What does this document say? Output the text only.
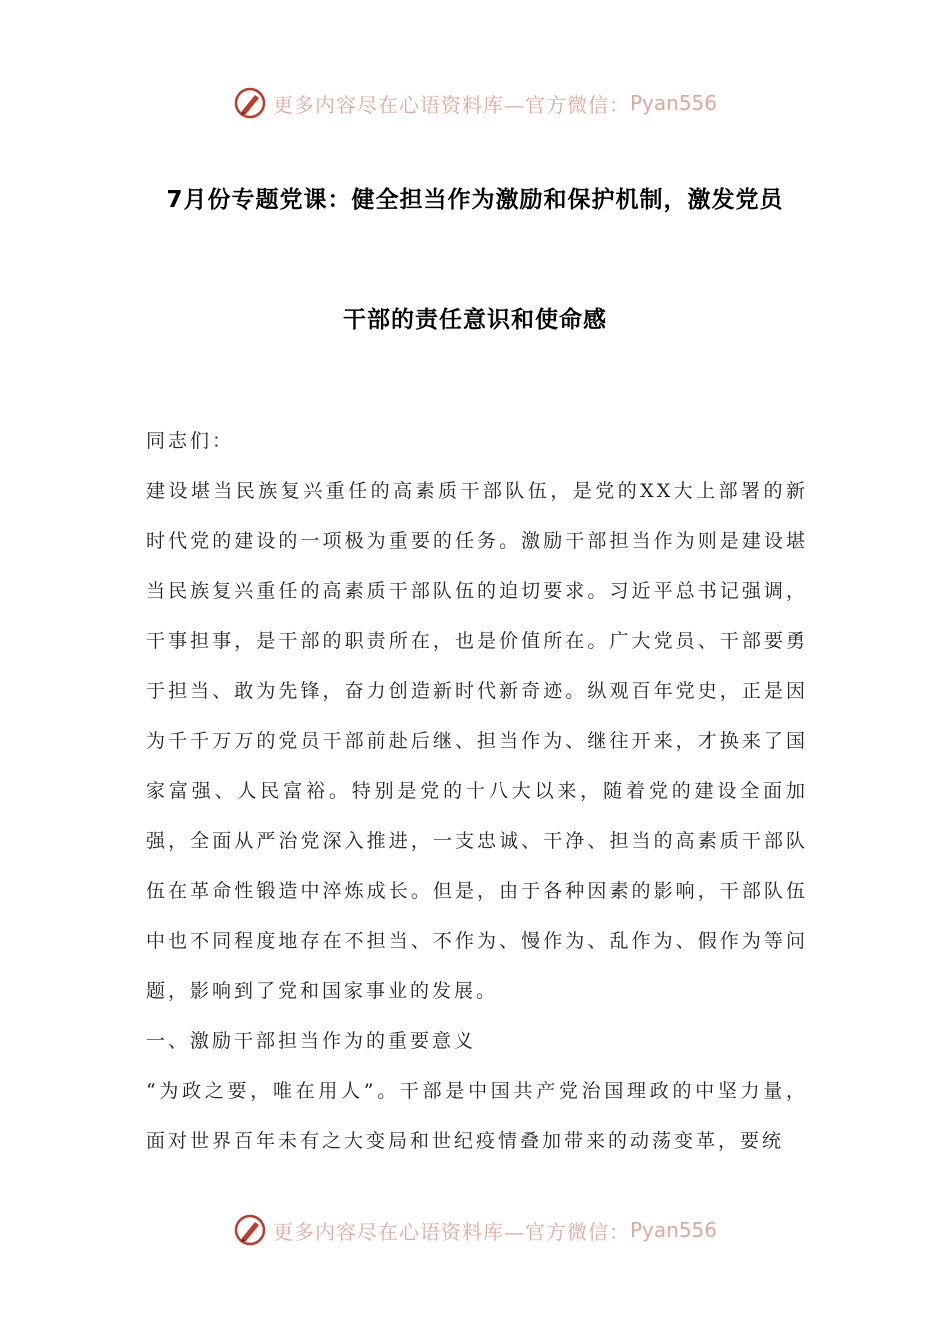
更多内容尽在心语资料库—官方微信： Pyan556
7月份专题党课：健全担当作为激励和保护机制，激发党员
干部的责任意识和使命感

同志们：

建设堪当民族复兴重任的高素质干部队伍，是党的XX大上部署的新时代党的建设的一项极为重要的任务。激励干部担当作为则是建设堪当民族复兴重任的高素质干部队伍的迫切要求。习近平总书记强调，干事担事，是干部的职责所在，也是价值所在。广大党员、干部要勇于担当、敢为先锋，奋力创造新时代新奇迹。纵观百年党史，正是因为千千万万的党员干部前赴后继、担当作为、继往开来，才换来了国家富强、人民富裕。特别是党的十八大以来，随着党的建设全面加强，全面从严治党深入推进，一支忠诚、干净、担当的高素质干部队伍在革命性锻造中淬炼成长。但是，由于各种因素的影响，干部队伍中也不同程度地存在不担当、不作为、慢作为、乱作为、假作为等问题，影响到了党和国家事业的发展。

一、激励干部担当作为的重要意义

“为政之要，唯在用人”。干部是中国共产党治国理政的中坚力量，面对世界百年未有之大变局和世纪疫情叠加带来的动荡变革，要统

更多内容尽在心语资料库—官方微信： Pyan556
